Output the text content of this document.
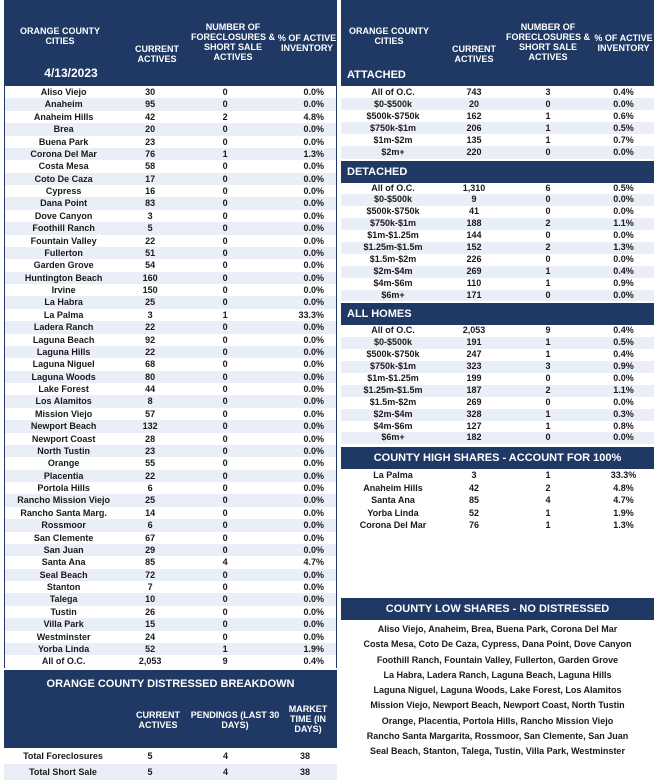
ORANGE COUNTY CITIES
4/13/2023
CURRENT ACTIVES
NUMBER OF FORECLOSURES & SHORT SALE ACTIVES
% OF ACTIVE INVENTORY
Aliso Viejo	30	0	0.0%
Anaheim	95	0	0.0%
Anaheim Hills	42	2	4.8%
Brea	20	0	0.0%
Buena Park	23	0	0.0%
Corona Del Mar	76	1	1.3%
Costa Mesa	58	0	0.0%
Coto De Caza	17	0	0.0%
Cypress	16	0	0.0%
Dana Point	83	0	0.0%
Dove Canyon	3	0	0.0%
Foothill Ranch	5	0	0.0%
Fountain Valley	22	0	0.0%
Fullerton	51	0	0.0%
Garden Grove	54	0	0.0%
Huntington Beach	160	0	0.0%
Irvine	150	0	0.0%
La Habra	25	0	0.0%
La Palma	3	1	33.3%
Ladera Ranch	22	0	0.0%
Laguna Beach	92	0	0.0%
Laguna Hills	22	0	0.0%
Laguna Niguel	68	0	0.0%
Laguna Woods	80	0	0.0%
Lake Forest	44	0	0.0%
Los Alamitos	8	0	0.0%
Mission Viejo	57	0	0.0%
Newport Beach	132	0	0.0%
Newport Coast	28	0	0.0%
North Tustin	23	0	0.0%
Orange	55	0	0.0%
Placentia	22	0	0.0%
Portola Hills	6	0	0.0%
Rancho Mission Viejo	25	0	0.0%
Rancho Santa Marg.	14	0	0.0%
Rossmoor	6	0	0.0%
San Clemente	67	0	0.0%
San Juan	29	0	0.0%
Santa Ana	85	4	4.7%
Seal Beach	72	0	0.0%
Stanton	7	0	0.0%
Talega	10	0	0.0%
Tustin	26	0	0.0%
Villa Park	15	0	0.0%
Westminster	24	0	0.0%
Yorba Linda	52	1	1.9%
All of O.C.	2,053	9	0.4%
ORANGE COUNTY DISTRESSED BREAKDOWN
CURRENT ACTIVES
PENDINGS (LAST 30 DAYS)
MARKET TIME (IN DAYS)
Total Foreclosures	5	4	38
Total Short Sale	5	4	38
ORANGE COUNTY CITIES
CURRENT ACTIVES
NUMBER OF FORECLOSURES & SHORT SALE ACTIVES
% OF ACTIVE INVENTORY
ATTACHED
All of O.C.	743	3	0.4%
$0-$500k	20	0	0.0%
$500k-$750k	162	1	0.6%
$750k-$1m	206	1	0.5%
$1m-$2m	135	1	0.7%
$2m+	220	0	0.0%
DETACHED
All of O.C.	1,310	6	0.5%
$0-$500k	9	0	0.0%
$500k-$750k	41	0	0.0%
$750k-$1m	188	2	1.1%
$1m-$1.25m	144	0	0.0%
$1.25m-$1.5m	152	2	1.3%
$1.5m-$2m	226	0	0.0%
$2m-$4m	269	1	0.4%
$4m-$6m	110	1	0.9%
$6m+	171	0	0.0%
ALL HOMES
All of O.C.	2,053	9	0.4%
$0-$500k	191	1	0.5%
$500k-$750k	247	1	0.4%
$750k-$1m	323	3	0.9%
$1m-$1.25m	199	0	0.0%
$1.25m-$1.5m	187	2	1.1%
$1.5m-$2m	269	0	0.0%
$2m-$4m	328	1	0.3%
$4m-$6m	127	1	0.8%
$6m+	182	0	0.0%
COUNTY HIGH SHARES - ACCOUNT FOR 100%
La Palma	3	1	33.3%
Anaheim Hills	42	2	4.8%
Santa Ana	85	4	4.7%
Yorba Linda	52	1	1.9%
Corona Del Mar	76	1	1.3%
COUNTY LOW SHARES - NO DISTRESSED
Aliso Viejo, Anaheim, Brea, Buena Park, Corona Del Mar
Costa Mesa, Coto De Caza, Cypress, Dana Point, Dove Canyon
Foothill Ranch, Fountain Valley, Fullerton, Garden Grove
La Habra, Ladera Ranch, Laguna Beach, Laguna Hills
Laguna Niguel, Laguna Woods, Lake Forest, Los Alamitos
Mission Viejo, Newport Beach, Newport Coast, North Tustin
Orange, Placentia, Portola Hills, Rancho Mission Viejo
Rancho Santa Margarita, Rossmoor, San Clemente, San Juan
Seal Beach, Stanton, Talega, Tustin, Villa Park, Westminster
